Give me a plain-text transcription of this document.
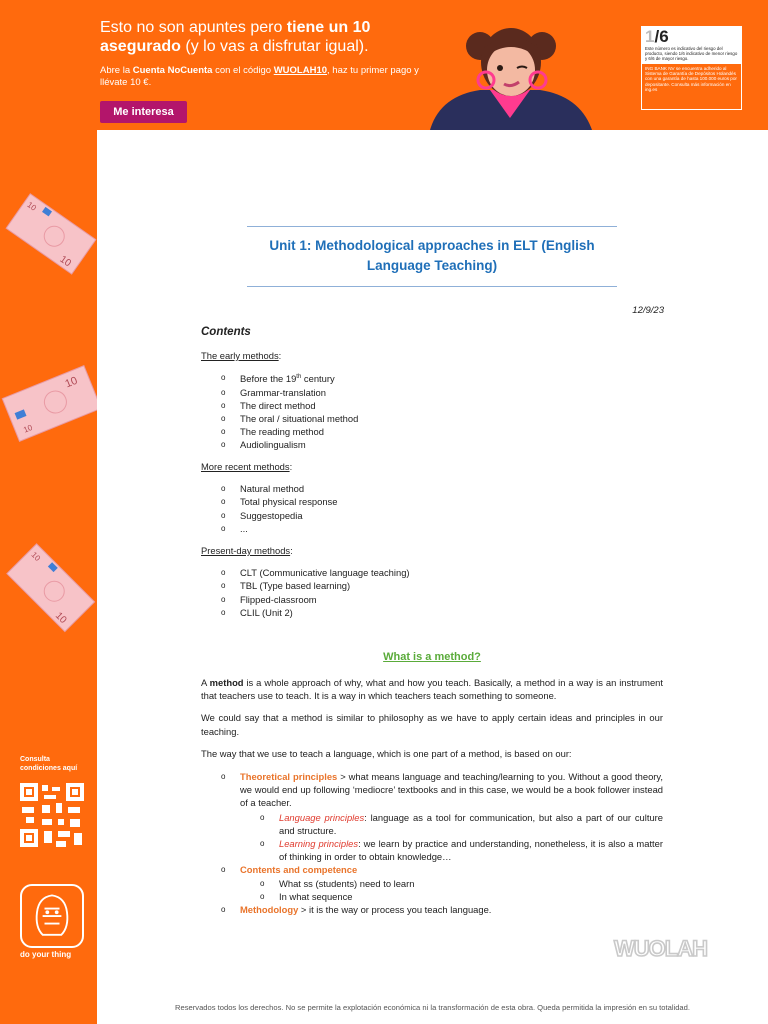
Esto no son apuntes pero tiene un 10 asegurado (y lo vas a disfrutar igual).
Abre la Cuenta NoCuenta con el código WUOLAH10, haz tu primer pago y llévate 10 €.
Me interesa
1/6
Este número es indicativo del riesgo del producto, siendo 1/6 indicativo de menor riesgo y 6/6 de mayor riesgo.
ING BANK NV se encuentra adherido al Sistema de Garantía de Depósitos Holandés con una garantía de hasta 100.000 euros por depositante. Consulta más información en ing.es
10
10
10
10
10
10
Consulta
condiciones aquí
do your thing
Unit 1: Methodological approaches in ELT (English
Language Teaching)
12/9/23
Contents
The early methods:
o Before the 19th century
o Grammar-translation
o The direct method
o The oral / situational method
o The reading method
o Audiolingualism
More recent methods:
o Natural method
o Total physical response
o Suggestopedia
o ...
Present-day methods:
o CLT (Communicative language teaching)
o TBL (Type based learning)
o Flipped-classroom
o CLIL (Unit 2)
What is a method?

A method is a whole approach of why, what and how you teach. Basically, a method in a way is an instrument that teachers use to teach. It is a way in which teachers teach something to someone.

We could say that a method is similar to philosophy as we have to apply certain ideas and principles in our teaching.

The way that we use to teach a language, which is one part of a method, is based on our:

o Theoretical principles > what means language and teaching/learning to you. Without a good theory, we would end up following ‘mediocre’ textbooks and in this case, we would be a book follower instead of a teacher.
o Language principles: language as a tool for communication, but also a part of our culture and structure.
o Learning principles: we learn by practice and understanding, nonetheless, it is also a matter of thinking in order to obtain knowledge…
o Contents and competence
o What ss (students) need to learn
o In what sequence
o Methodology > it is the way or process you teach language.
WUOLAH
Reservados todos los derechos. No se permite la explotación económica ni la transformación de esta obra. Queda permitida la impresión en su totalidad.
